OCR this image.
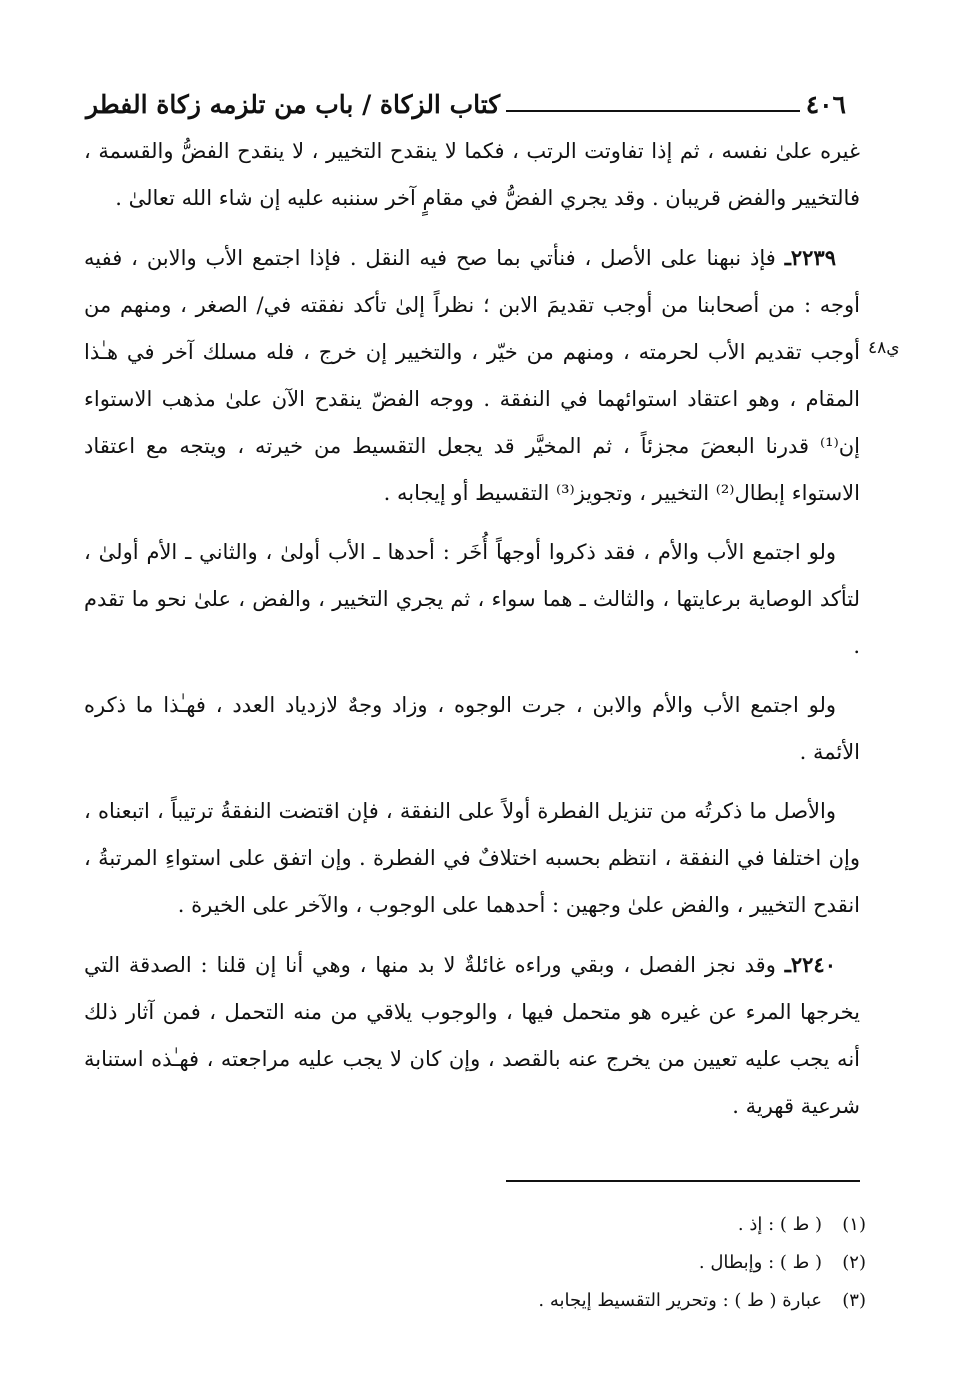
٤٠٦
كتاب الزكاة / باب من تلزمه زكاة الفطر
ي٤٨

غيره علىٰ نفسه ، ثم إذا تفاوتت الرتب ، فكما لا ينقدح التخيير ، لا ينقدح الفضُّ والقسمة ، فالتخيير والفض قريبان . وقد يجري الفضُّ في مقامٍ آخر سننبه عليه إن شاء الله تعالىٰ .

٢٢٣٩ـ فإذ نبهنا على الأصل ، فنأتي بما صح فيه النقل . فإذا اجتمع الأب والابن ، ففيه أوجه : من أصحابنا من أوجب تقديمَ الابن ؛ نظراً إلىٰ تأكد نفقته في/ الصغر ، ومنهم من أوجب تقديم الأب لحرمته ، ومنهم من خيّر ، والتخيير إن خرج ، فله مسلك آخر في هـٰذا المقام ، وهو اعتقاد استوائهما في النفقة . ووجه الفضّ ينقدح الآن علىٰ مذهب الاستواء إن⁽¹⁾ قدرنا البعضَ مجزئاً ، ثم المخيَّر قد يجعل التقسيط من خيرته ، ويتجه مع اعتقاد الاستواء إبطال⁽²⁾ التخيير ، وتجويز⁽³⁾ التقسيط أو إيجابه .

ولو اجتمع الأب والأم ، فقد ذكروا أوجهاً أُخَر : أحدها ـ الأب أولىٰ ، والثاني ـ الأم أولىٰ ، لتأكد الوصاية برعايتها ، والثالث ـ هما سواء ، ثم يجري التخيير ، والفض ، علىٰ نحو ما تقدم .

ولو اجتمع الأب والأم والابن ، جرت الوجوه ، وزاد وجهٌ لازدياد العدد ، فهـٰذا ما ذكره الأئمة .

والأصل ما ذكرتُه من تنزيل الفطرة أولاً على النفقة ، فإن اقتضت النفقةُ ترتيباً ، اتبعناه ، وإن اختلفا في النفقة ، انتظم بحسبه اختلافٌ في الفطرة . وإن اتفق على استواءِ المرتبةُ ، انقدح التخيير ، والفض علىٰ وجهين : أحدهما على الوجوب ، والآخر على الخيرة .

٢٢٤٠ـ وقد نجز الفصل ، وبقي وراءه غائلةٌ لا بد منها ، وهي أنا إن قلنا : الصدقة التي يخرجها المرء عن غيره هو متحمل فيها ، والوجوب يلاقي من منه التحمل ، فمن آثار ذلك أنه يجب عليه تعيين من يخرج عنه بالقصد ، وإن كان لا يجب عليه مراجعته ، فهـٰذه استنابة شرعية قهرية .

(١)( ط ) : إذ .
(٢)( ط ) : وإبطال .
(٣)عبارة ( ط ) : وتحرير التقسيط إيجابه .
